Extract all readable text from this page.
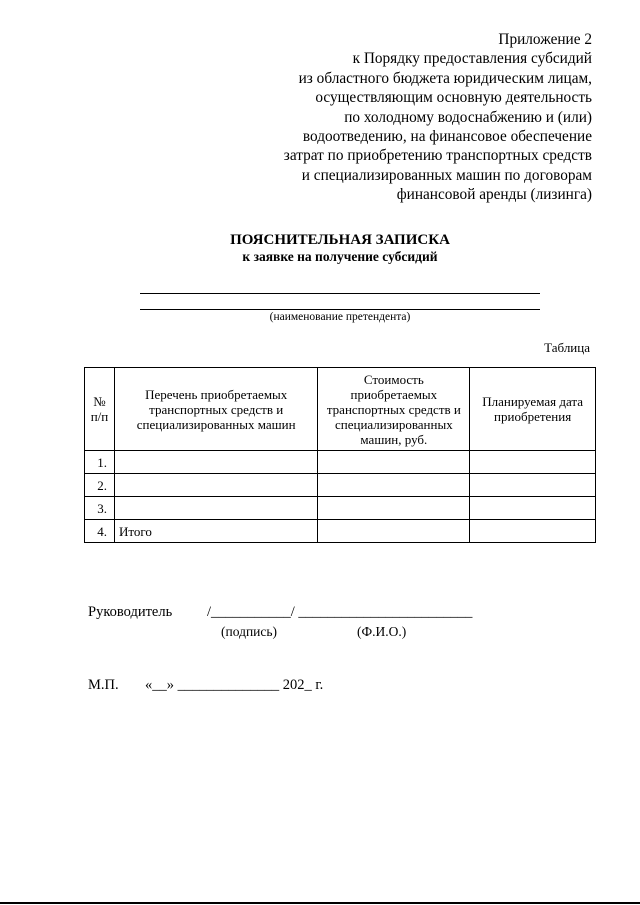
Приложение 2
к Порядку предоставления субсидий
из областного бюджета юридическим лицам,
осуществляющим основную деятельность
по холодному водоснабжению и (или)
водоотведению, на финансовое обеспечение
затрат по приобретению транспортных средств
и специализированных машин по договорам
финансовой аренды (лизинга)
ПОЯСНИТЕЛЬНАЯ ЗАПИСКА
к заявке на получение субсидий
(наименование претендента)
Таблица
№ п/п	Перечень приобретаемых транспортных средств и специализированных машин	Стоимость приобретаемых транспортных средств и специализированных машин, руб.	Планируемая дата приобретения
1.			
2.			
3.			
4.	Итого		
Руководитель /___________/ ________________________
(подпись)	(Ф.И.О.)
М.П. «__» ______________ 202_ г.
